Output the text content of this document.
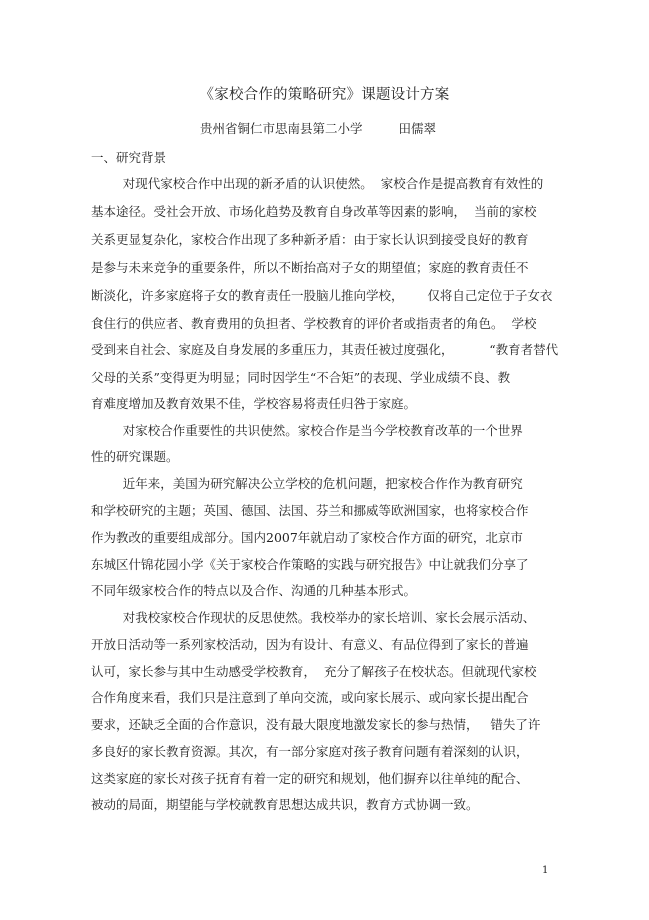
《家校合作的策略研究》课题设计方案
贵州省铜仁市思南县第二小学	田儒翠
一、研究背景
对现代家校合作中出现的新矛盾的认识使然。  家校合作是提高教育有效性的
基本途径。受社会开放、市场化趋势及教育自身改革等因素的影响，  当前的家校
关系更显复杂化，家校合作出现了多种新矛盾：由于家长认识到接受良好的教育
是参与未来竞争的重要条件，所以不断抬高对子女的期望值；家庭的教育责任不
断淡化，许多家庭将子女的教育责任一股脑儿推向学校，      仅将自己定位于子女衣
食住行的供应者、教育费用的负担者、学校教育的评价者或指责者的角色。  学校
受到来自社会、家庭及自身发展的多重压力，其责任被过度强化，         “教育者替代
父母的关系”变得更为明显；同时因学生“不合矩”的表现、学业成绩不良、教
育难度增加及教育效果不佳，学校容易将责任归咎于家庭。
对家校合作重要性的共识使然。家校合作是当今学校教育改革的一个世界
性的研究课题。
近年来，美国为研究解决公立学校的危机问题，把家校合作作为教育研究
和学校研究的主题；英国、德国、法国、芬兰和挪威等欧洲国家，也将家校合作
作为教改的重要组成部分。国内2007年就启动了家校合作方面的研究，北京市
东城区什锦花园小学《关于家校合作策略的实践与研究报告》中让就我们分享了
不同年级家校合作的特点以及合作、沟通的几种基本形式。
对我校家校合作现状的反思使然。我校举办的家长培训、家长会展示活动、
开放日活动等一系列家校活动，因为有设计、有意义、有品位得到了家长的普遍
认可，家长参与其中生动感受学校教育，  充分了解孩子在校状态。但就现代家校
合作角度来看，我们只是注意到了单向交流，或向家长展示、或向家长提出配合
要求，还缺乏全面的合作意识，没有最大限度地激发家长的参与热情，   错失了许
多良好的家长教育资源。其次，有一部分家庭对孩子教育问题有着深刻的认识，
这类家庭的家长对孩子抚育有着一定的研究和规划，他们摒弃以往单纯的配合、
被动的局面，期望能与学校就教育思想达成共识，教育方式协调一致。
1
